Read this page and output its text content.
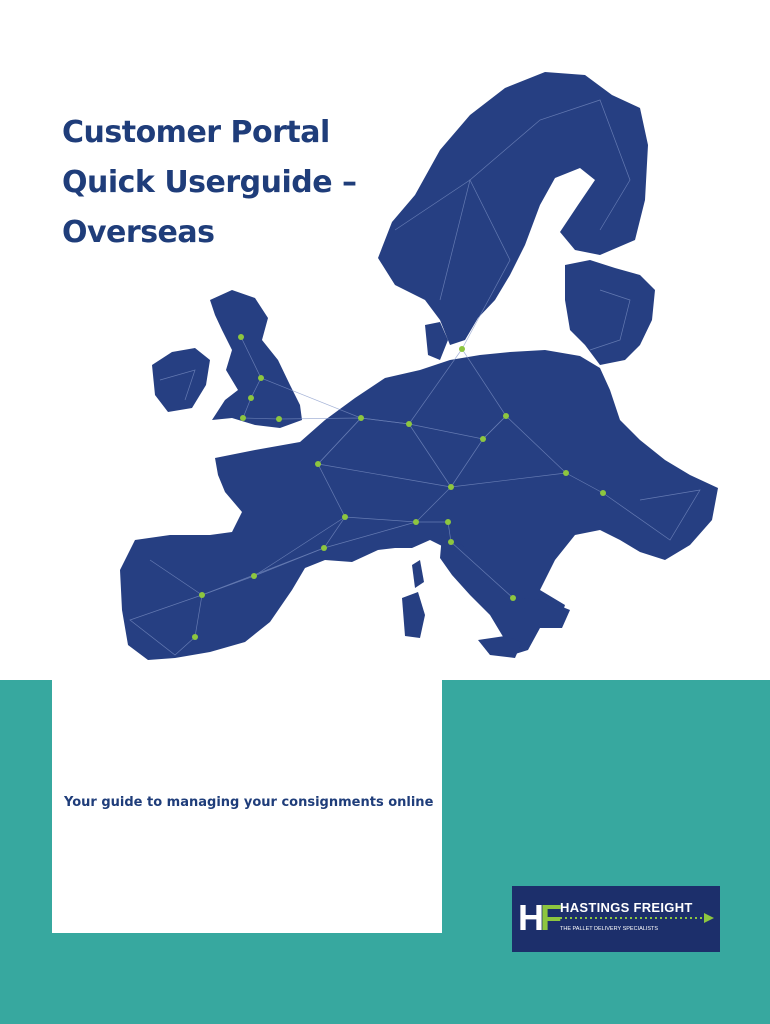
Customer Portal
Quick Userguide –
Overseas
Your guide to managing your consignments online
HF HASTINGS FREIGHT
THE PALLET DELIVERY SPECIALISTS
